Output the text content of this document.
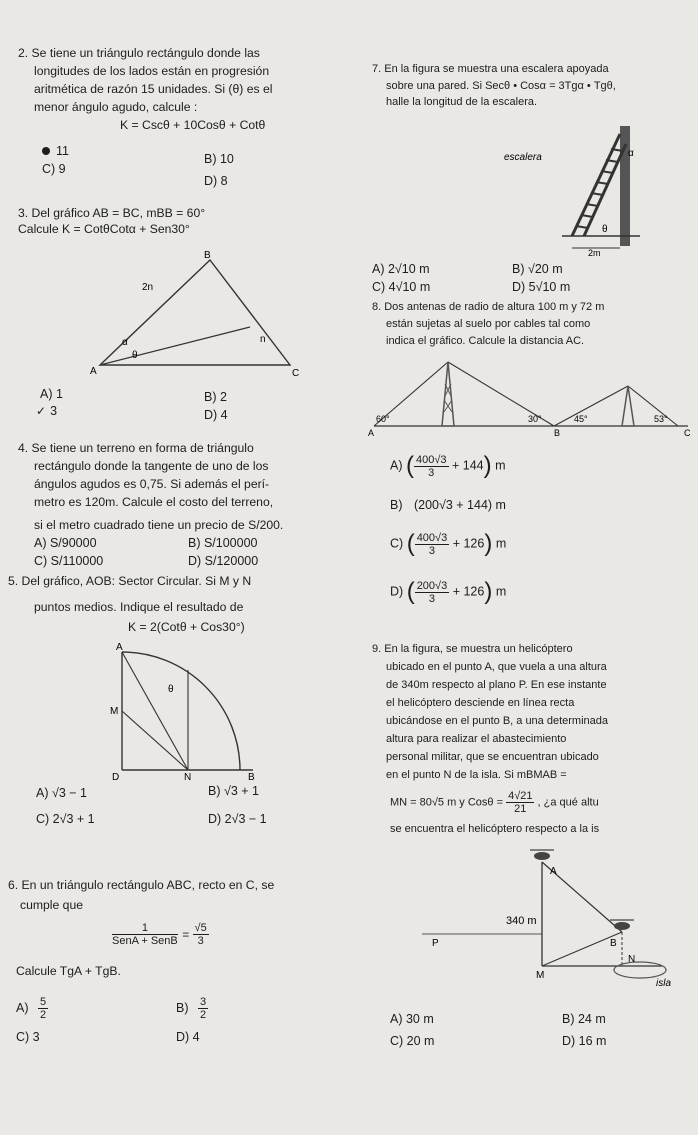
2. Se tiene un triángulo rectángulo donde las
longitudes de los lados están en progresión
aritmética de razón 15 unidades. Si (θ) es el
menor ángulo agudo, calcule :
K = Cscθ + 10Cosθ + Cotθ
11
B) 10
C) 9
D) 8
3. Del gráfico AB = BC, mBB = 60°
Calcule K = CotθCotα + Sen30°
B
A	C
2n
n
α
θ
A) 1	B) 2
✓ 3	D) 4
4. Se tiene un terreno en forma de triángulo
rectángulo donde la tangente de uno de los
ángulos agudos es 0,75. Si además el perí-
metro es 120m. Calcule el costo del terreno,
si el metro cuadrado tiene un precio de S/200.
A) S/90000	B) S/100000
C) S/110000	D) S/120000
5. Del gráfico, AOB: Sector Circular. Si M y N
puntos medios. Indique el resultado de
K = 2(Cotθ + Cos30°)
A
M
D	N	B
θ
A) √3 − 1	B) √3 + 1
C) 2√3 + 1	D) 2√3 − 1
6. En un triángulo rectángulo ABC, recto en C, se
cumple que
$\frac{1}{\text{SenA + SenB}} = \frac{√5}{3}$
Calcule TgA + TgB.
$A) \frac{5}{2}$	$B) \frac{3}{2}$
C) 3	D) 4
7. En la figura se muestra una escalera apoyada
sobre una pared. Si Secθ • Cosα = 3Tgα • Tgθ,
halle la longitud de la escalera.
escalera	α
θ
2m
A) 2√10 m	B) √20 m
C) 4√10 m	D) 5√10 m
8. Dos antenas de radio de altura 100 m y 72 m
están sujetas al suelo por cables tal como
indica el gráfico. Calcule la distancia AC.
60°
A
30°
B
45°	53°
C
A) ( $\frac{400√3}{3} + 144$) m
B) (200√3 + 144) m
C) ( $\frac{400√3}{3} + 126$) m
D) ( $\frac{200√3}{3} + 126$) m
9. En la figura, se muestra un helicóptero
ubicado en el punto A, que vuela a una altura
de 340m respecto al plano P. En ese instante
el helicóptero desciende en línea recta
ubicándose en el punto B, a una determinada
altura para realizar el abastecimiento
personal militar, que se encuentran ubicado
en el punto N de la isla. Si mBMAB =
MN = 80√5 m y $Cos\theta = \frac{4√21}{21}$ , ¿a qué altu
se encuentra el helicóptero respecto a la is
A
340 m
P	B
M
N
isla
A) 30 m	B) 24 m
C) 20 m	D) 16 m
